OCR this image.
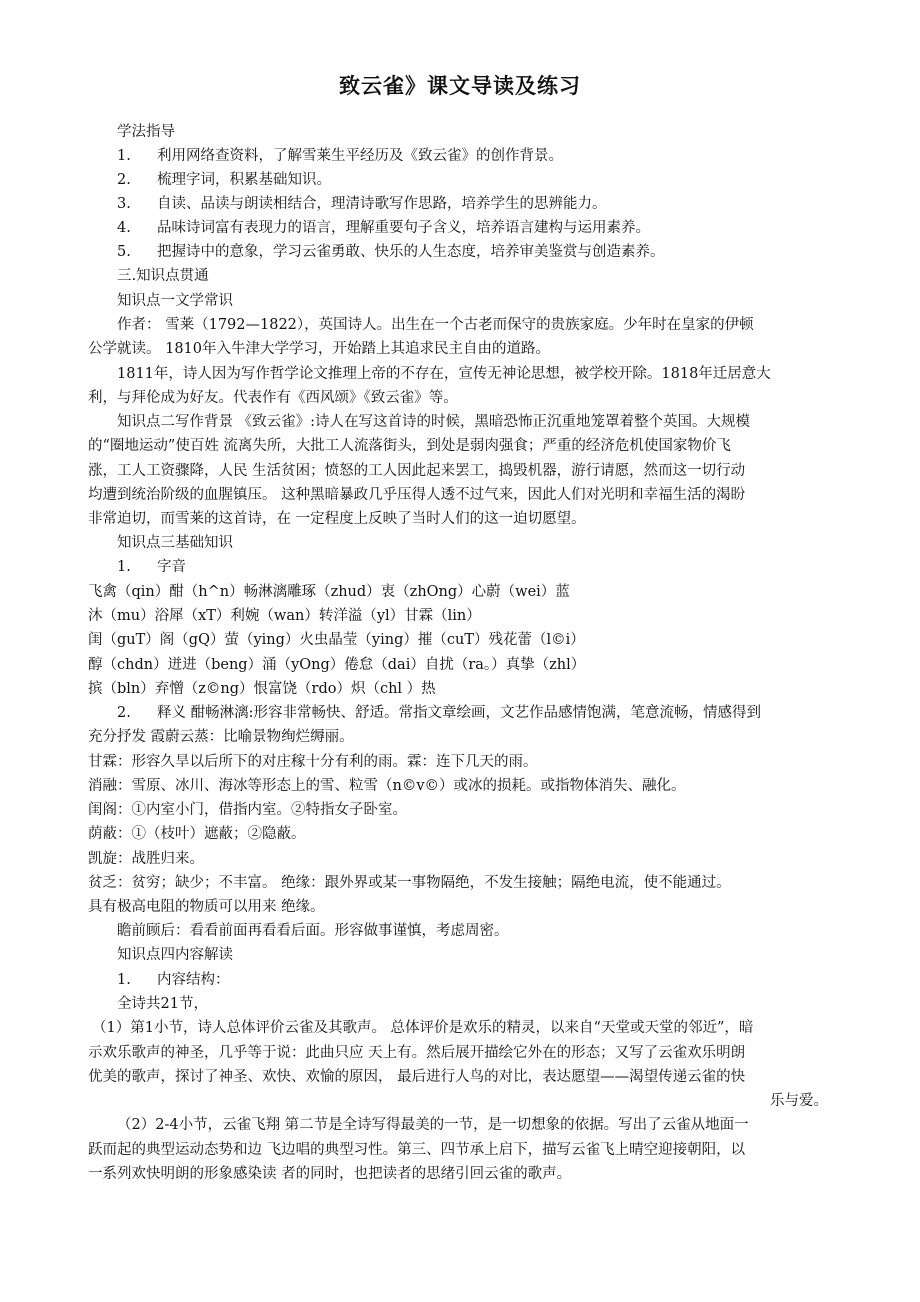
致云雀》课文导读及练习
学法指导
1. 利用网络查资料，了解雪莱生平经历及《致云雀》的创作背景。
2. 梳理字词，积累基础知识。
3. 自读、品读与朗读相结合，理清诗歌写作思路，培养学生的思辨能力。
4. 品味诗词富有表现力的语言，理解重要句子含义，培养语言建构与运用素养。
5. 把握诗中的意象，学习云雀勇敢、快乐的人生态度，培养审美鉴赏与创造素养。
三.知识点贯通
知识点一文学常识
作者： 雪莱（1792—1822），英国诗人。出生在一个古老而保守的贵族家庭。少年时在皇家的伊顿
公学就读。 1810年入牛津大学学习，开始踏上其追求民主自由的道路。
1811年，诗人因为写作哲学论文推理上帝的不存在，宣传无神论思想，被学校开除。1818年迁居意大
利，与拜伦成为好友。代表作有《西风颂》《致云雀》等。
知识点二写作背景 《致云雀》:诗人在写这首诗的时候，黑暗恐怖正沉重地笼罩着整个英国。大规模
的“圈地运动”使百姓 流离失所，大批工人流落街头，到处是弱肉强食；严重的经济危机使国家物价飞
涨，工人工资骤降，人民 生活贫困；愤怒的工人因此起来罢工，捣毁机器，游行请愿，然而这一切行动
均遭到统治阶级的血腥镇压。 这种黑暗暴政几乎压得人透不过气来，因此人们对光明和幸福生活的渴盼
非常迫切，而雪莱的这首诗，在 一定程度上反映了当时人们的这一迫切愿望。
知识点三基础知识
1. 字音
飞禽（qin）酣（h^n）畅淋漓雕琢（zhud）衷（zhOng）心蔚（wei）蓝
沐（mu）浴犀（xT）利婉（wan）转洋溢（yl）甘霖（lin）
闺（guT）阁（gQ）萤（ying）火虫晶莹（ying）摧（cuT）残花蕾（l©i）
醇（chdn）迸进（beng）涌（yOng）倦怠（dai）自扰（ra。）真挚（zhl）
摈（bln）弃憎（z©ng）恨富饶（rdo）炽（chl ）热
2. 释义 酣畅淋漓:形容非常畅快、舒适。常指文章绘画，文艺作品感情饱满，笔意流畅，情感得到
充分抒发 霞蔚云蒸：比喻景物绚烂缛丽。
甘霖：形容久旱以后所下的对庄稼十分有利的雨。霖：连下几天的雨。
消融：雪原、冰川、海冰等形态上的雪、粒雪（n©v©）或冰的损耗。或指物体消失、融化。
闺阁：①内室小门，借指内室。②特指女子卧室。
荫蔽：①（枝叶）遮蔽；②隐蔽。
凯旋：战胜归来。
贫乏：贫穷；缺少；不丰富。 绝缘：跟外界或某一事物隔绝，不发生接触；隔绝电流，使不能通过。
具有极高电阻的物质可以用来 绝缘。
瞻前顾后：看看前面再看看后面。形容做事谨慎，考虑周密。
知识点四内容解读
1. 内容结构：
全诗共21节，
（1）第1小节，诗人总体评价云雀及其歌声。 总体评价是欢乐的精灵，以来自“天堂或天堂的邻近”，暗
示欢乐歌声的神圣，几乎等于说：此曲只应 天上有。然后展开描绘它外在的形态；又写了云雀欢乐明朗
优美的歌声，探讨了神圣、欢快、欢愉的原因， 最后进行人鸟的对比，表达愿望——渴望传递云雀的快
乐与爱。
（2）2-4小节，云雀飞翔 第二节是全诗写得最美的一节，是一切想象的依据。写出了云雀从地面一
跃而起的典型运动态势和边 飞边唱的典型习性。第三、四节承上启下，描写云雀飞上晴空迎接朝阳，以
一系列欢快明朗的形象感染读 者的同时，也把读者的思绪引回云雀的歌声。
